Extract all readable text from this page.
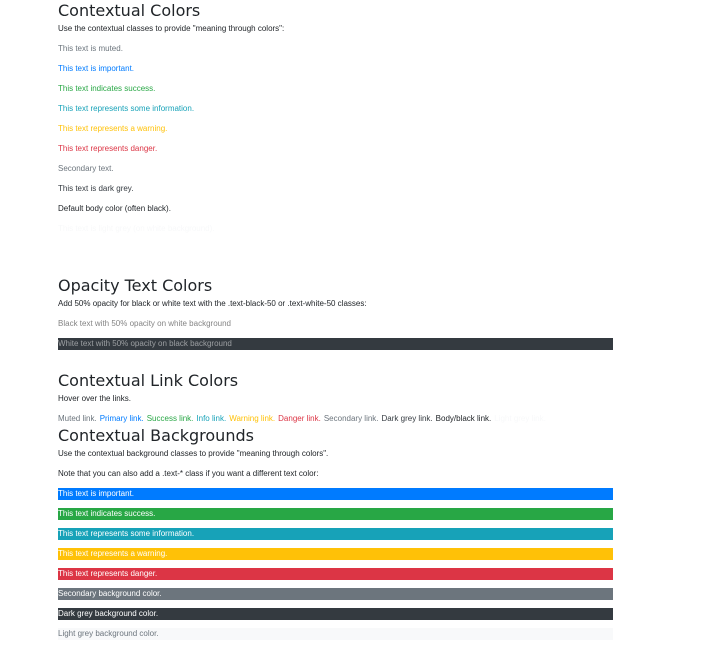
Contextual Colors
Use the contextual classes to provide "meaning through colors":
This text is muted.
This text is important.
This text indicates success.
This text represents some information.
This text represents a warning.
This text represents danger.
Secondary text.
This text is dark grey.
Default body color (often black).
This text is light grey (on white background).
Opacity Text Colors
Add 50% opacity for black or white text with the .text-black-50 or .text-white-50 classes:
Black text with 50% opacity on white background
White text with 50% opacity on black background
Contextual Link Colors
Hover over the links.
Muted link. Primary link. Success link. Info link. Warning link. Danger link. Secondary link. Dark grey link. Body/black link. Light grey link.
Contextual Backgrounds
Use the contextual background classes to provide "meaning through colors".
Note that you can also add a .text-* class if you want a different text color:
This text is important.
This text indicates success.
This text represents some information.
This text represents a warning.
This text represents danger.
Secondary background color.
Dark grey background color.
Light grey background color.
